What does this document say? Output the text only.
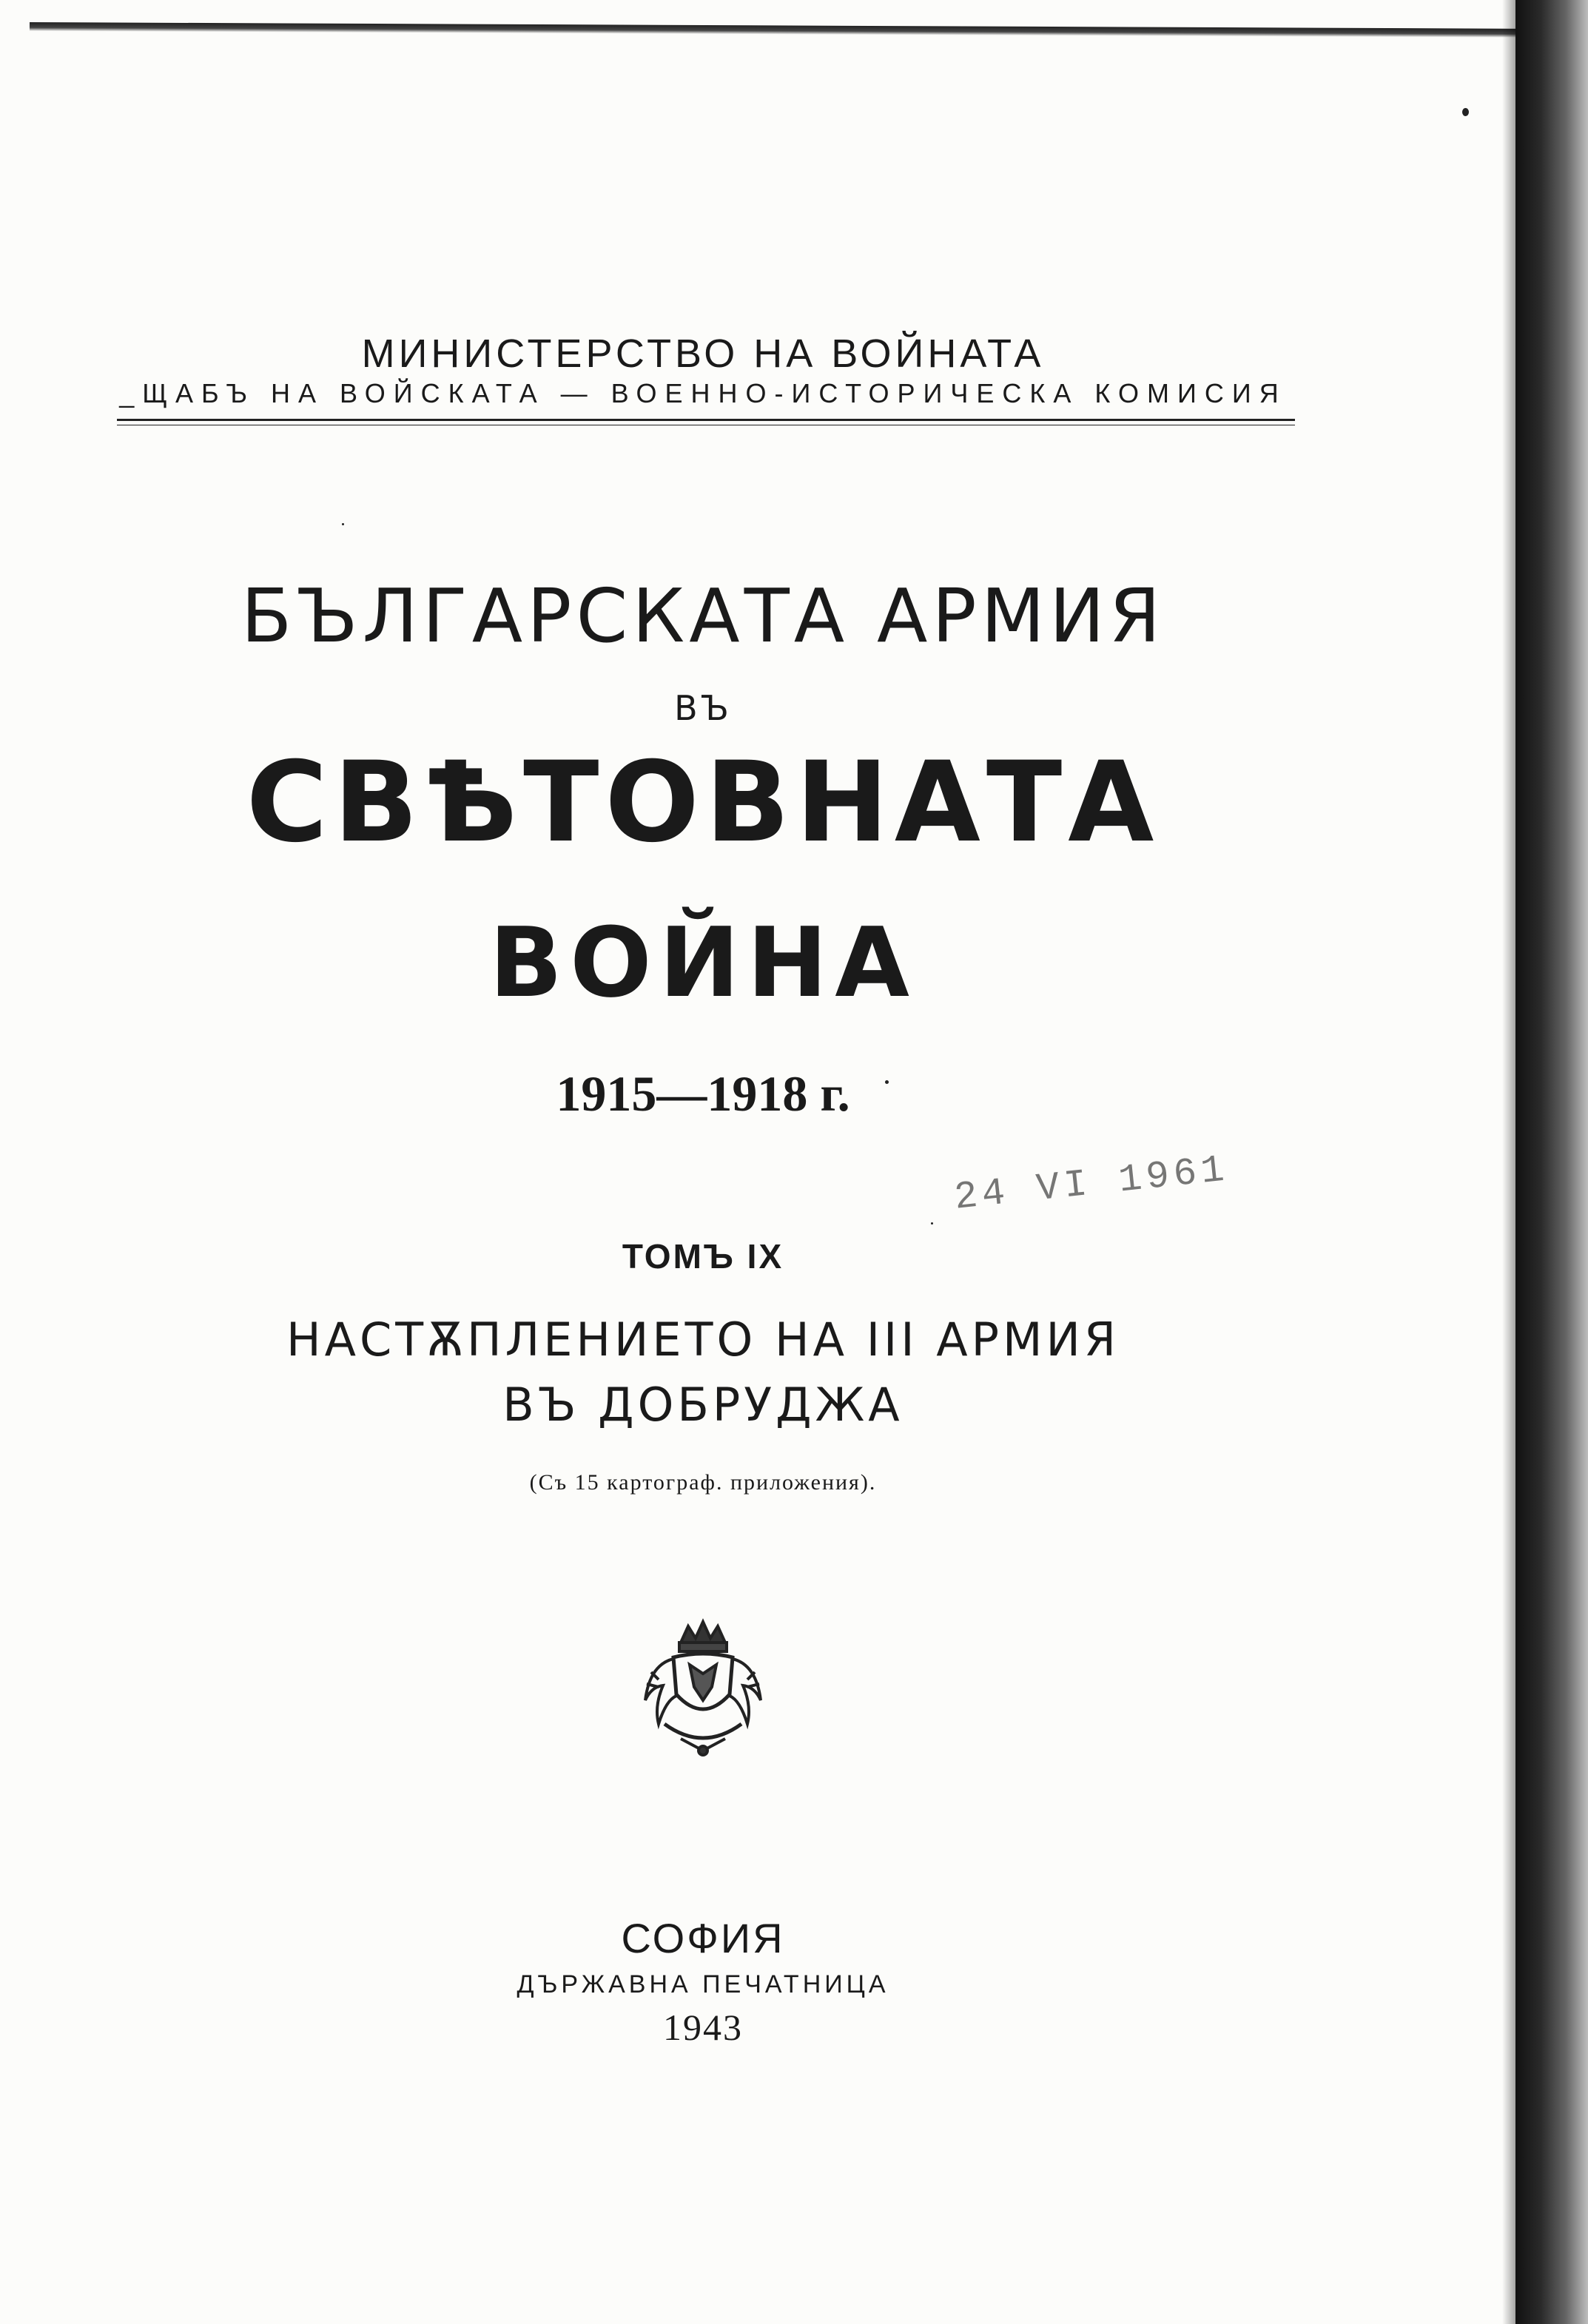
МИНИСТЕРСТВО НА ВОЙНАТА
_ЩАБЪ НА ВОЙСКАТА — ВОЕННО-ИСТОРИЧЕСКА КОМИСИЯ
БЪЛГАРСКАТА АРМИЯ
ВЪ
СВѢТОВНАТА
ВОЙНА
1915—1918 г.
24 VI 1961
ТОМЪ IX
НАСТѪПЛЕНИЕТО НА III АРМИЯ
ВЪ ДОБРУДЖА
(Съ 15 картограф. приложения).
СОФИЯ
ДЪРЖАВНА ПЕЧАТНИЦА
1943
